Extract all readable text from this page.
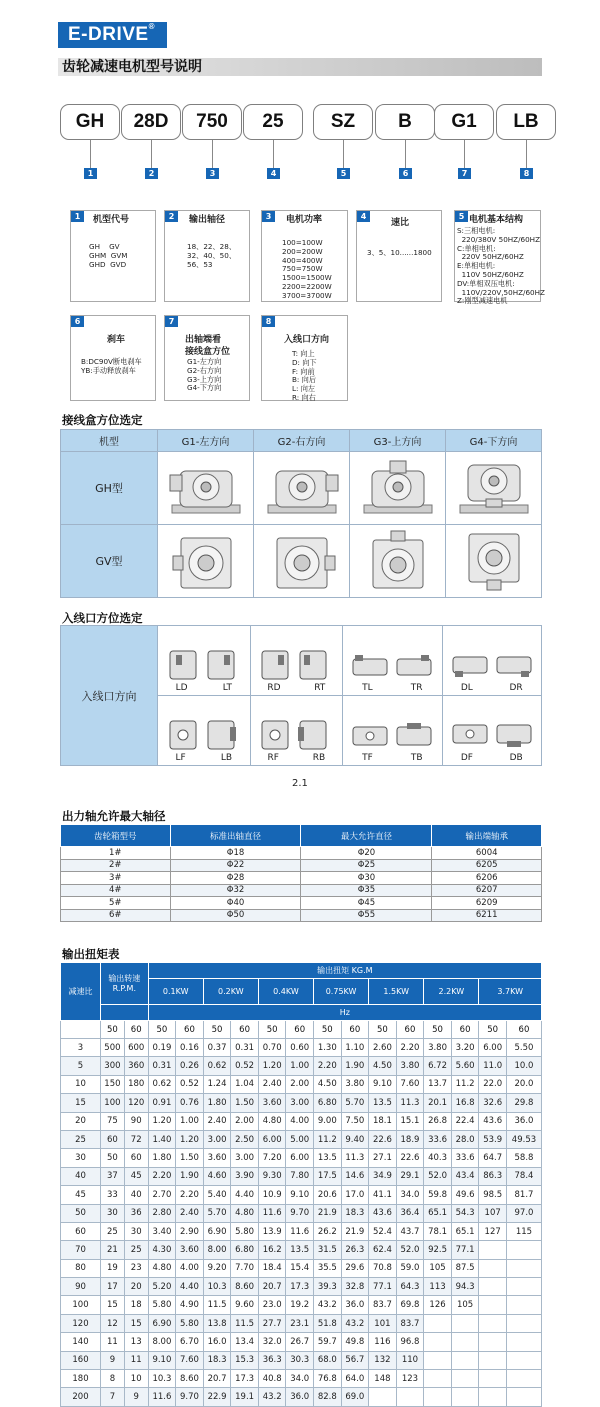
E-DRIVE®
齿轮减速电机型号说明
GH
1
28D
2
750
3
25
4
SZ
5
B
6
G1
7
LB
8
1	机型代号
GH    GV
GHM  GVM
GHD  GVD
2	输出轴径
18、22、28、
32、40、50、
56、53
3	电机功率
100=100W
200=200W
400=400W
750=750W
1500=1500W
2200=2200W
3700=3700W
4
速比
3、5、10......1800
5 电机基本结构
S:三相电机:
220/380V 50HZ/60HZ
C:单相电机:
220V 50HZ/60HZ
E:单相电机:
110V 50HZ/60HZ
DV:单相双压电机:
110V/220V,50HZ/60HZ
Z:刚型减速电机
6
刹车
B:DC90V断电刹车
YB:手动释放刹车
7
出轴端看
接线盒方位
G1-左方向
G2-右方向
G3-上方向
G4-下方向
8
入线口方向
T: 向上
D: 向下
F: 向前
B: 向后
L: 向左
R: 向右
接线盒方位选定
机型	G1-左方向	G2-右方向	G3-上方向	G4-下方向
GH型	

GV型	

入线口方位选定
入线口方向	LD LT	RD RT	TL TR	DL DR

	LF LB	RF RB	TF TB	DF DB
2.1
出力轴允许最大轴径
齿轮箱型号	标准出轴直径	最大允许直径	输出端轴承
1#	Φ18	Φ20	6004
2#	Φ22	Φ25	6205
3#	Φ28	Φ30	6206
4#	Φ32	Φ35	6207
5#	Φ40	Φ45	6209
6#	Φ50	Φ55	6211
输出扭矩表
减速比	输出转速
R.P.M.		输出扭矩 KG.M													
			0.1KW		0.2KW		0.4KW		0.75KW		1.5KW		2.2KW		3.7KW	
			Hz													
	50	60	50	60	50	60	50	60	50	60	50	60	50	60	50	60
3	500	600	0.19	0.16	0.37	0.31	0.70	0.60	1.30	1.10	2.60	2.20	3.80	3.20	6.00	5.50
5	300	360	0.31	0.26	0.62	0.52	1.20	1.00	2.20	1.90	4.50	3.80	6.72	5.60	11.0	10.0
10	150	180	0.62	0.52	1.24	1.04	2.40	2.00	4.50	3.80	9.10	7.60	13.7	11.2	22.0	20.0
15	100	120	0.91	0.76	1.80	1.50	3.60	3.00	6.80	5.70	13.5	11.3	20.1	16.8	32.6	29.8
20	75	90	1.20	1.00	2.40	2.00	4.80	4.00	9.00	7.50	18.1	15.1	26.8	22.4	43.6	36.0
25	60	72	1.40	1.20	3.00	2.50	6.00	5.00	11.2	9.40	22.6	18.9	33.6	28.0	53.9	49.53
30	50	60	1.80	1.50	3.60	3.00	7.20	6.00	13.5	11.3	27.1	22.6	40.3	33.6	64.7	58.8
40	37	45	2.20	1.90	4.60	3.90	9.30	7.80	17.5	14.6	34.9	29.1	52.0	43.4	86.3	78.4
45	33	40	2.70	2.20	5.40	4.40	10.9	9.10	20.6	17.0	41.1	34.0	59.8	49.6	98.5	81.7
50	30	36	2.80	2.40	5.70	4.80	11.6	9.70	21.9	18.3	43.6	36.4	65.1	54.3	107	97.0
60	25	30	3.40	2.90	6.90	5.80	13.9	11.6	26.2	21.9	52.4	43.7	78.1	65.1	127	115
70	21	25	4.30	3.60	8.00	6.80	16.2	13.5	31.5	26.3	62.4	52.0	92.5	77.1		
80	19	23	4.80	4.00	9.20	7.70	18.4	15.4	35.5	29.6	70.8	59.0	105	87.5		
90	17	20	5.20	4.40	10.3	8.60	20.7	17.3	39.3	32.8	77.1	64.3	113	94.3		
100	15	18	5.80	4.90	11.5	9.60	23.0	19.2	43.2	36.0	83.7	69.8	126	105		
120	12	15	6.90	5.80	13.8	11.5	27.7	23.1	51.8	43.2	101	83.7				
140	11	13	8.00	6.70	16.0	13.4	32.0	26.7	59.7	49.8	116	96.8				
160	9	11	9.10	7.60	18.3	15.3	36.3	30.3	68.0	56.7	132	110				
180	8	10	10.3	8.60	20.7	17.3	40.8	34.0	76.8	64.0	148	123				
200	7	9	11.6	9.70	22.9	19.1	43.2	36.0	82.8	69.0						
